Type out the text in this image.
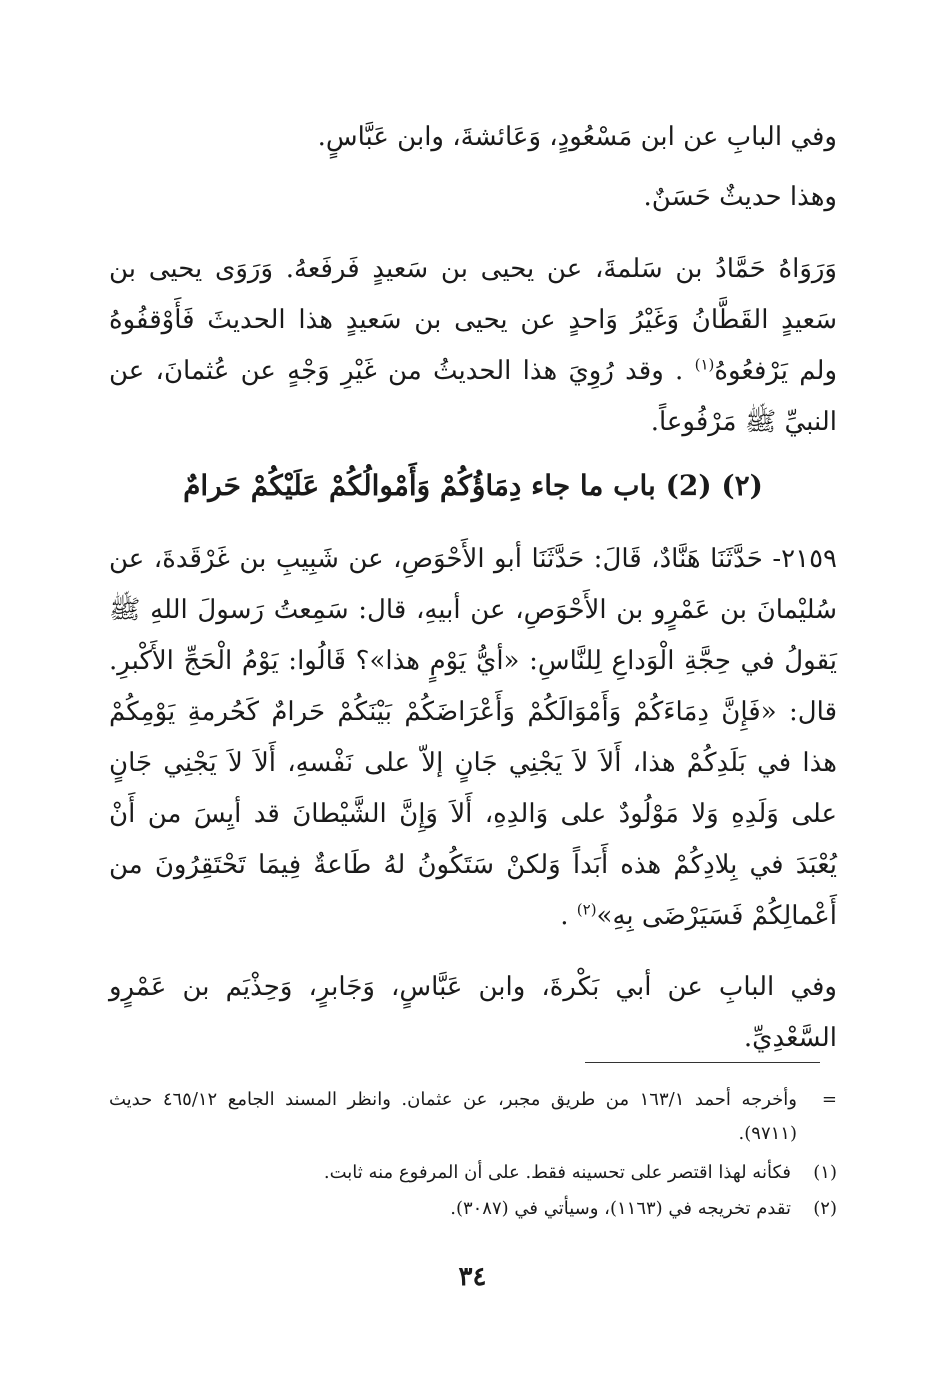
وفي البابِ عن ابن مَسْعُودٍ، وَعَائشةَ، وابن عَبَّاسٍ.
وهذا حديثٌ حَسَنٌ.
وَرَوَاهُ حَمَّادُ بن سَلمةَ، عن يحيى بن سَعيدٍ فَرفَعهُ. وَرَوَى يحيى بن سَعيدٍ القَطَّانُ وَغَيْرُ وَاحدٍ عن يحيى بن سَعيدٍ هذا الحديثَ فَأَوْقفُوهُ ولم يَرْفعُوهُ$^{(١)}$ . وقد رُوِيَ هذا الحديثُ من غَيْرِ وَجْهٍ عن عُثمانَ، عن النبيِّ ﷺ مَرْفُوعاً.
(٢) (2) باب ما جاء دِمَاؤُكُمْ وَأَمْوالُكُمْ عَلَيْكُمْ حَرامٌ
٢١٥٩- حَدَّثَنَا هَنَّادٌ، قَالَ: حَدَّثَنَا أبو الأَحْوَصِ، عن شَبِيبِ بن غَرْقَدةَ، عن سُليْمانَ بن عَمْرٍو بن الأَحْوَصِ، عن أبيهِ، قال: سَمِعتُ رَسولَ اللهِ ﷺ يَقولُ في حِجَّةِ الْوَداعِ لِلنَّاسِ: «أيُّ يَوْمٍ هذا»؟ قَالُوا: يَوْمُ الْحَجِّ الأَكْبرِ. قال: «فَإِنَّ دِمَاءَكُمْ وَأَمْوَالَكُمْ وَأَعْرَاضَكُمْ بَيْنَكُمْ حَرامٌ كَحُرمةِ يَوْمِكُمْ هذا في بَلَدِكُمْ هذا، أَلاَ لاَ يَجْنِي جَانٍ إلاّ على نَفْسهِ، أَلاَ لاَ يَجْنِي جَانٍ على وَلَدِهِ وَلا مَوْلُودٌ على وَالدِهِ، أَلاَ وَإِنَّ الشَّيْطانَ قد أيِسَ من أَنْ يُعْبَدَ في بِلادِكُمْ هذه أَبَداً وَلكنْ سَتَكُونُ لهُ طَاعةٌ فِيمَا تَحْتَقِرُونَ من أَعْمالِكُمْ فَسَيَرْضَى بِهِ»$^{(٢)}$ .
وفي البابِ عن أبي بَكْرةَ، وابن عَبَّاسٍ، وَجَابرٍ، وَحِذْيَم بن عَمْرٍو السَّعْدِيِّ.
=
وأخرجه أحمد ١٦٣/١ من طريق مجبر، عن عثمان. وانظر المسند الجامع ٤٦٥/١٢ حديث (٩٧١١).
(١)فكأنه لهذا اقتصر على تحسينه فقط. على أن المرفوع منه ثابت.
(٢)تقدم تخريجه في (١١٦٣)، وسيأتي في (٣٠٨٧).
٣٤
